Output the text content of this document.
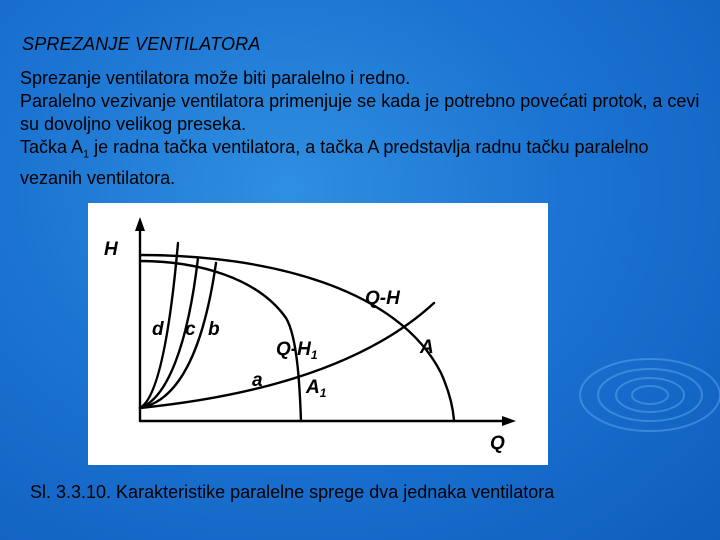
SPREZANJE VENTILATORA

Sprezanje ventilatora može biti paralelno i redno.

Paralelno vezivanje ventilatora primenjuje se kada je potrebno povećati protok, a cevi su dovoljno velikog preseka.

Tačka $A_1$ je radna tačka ventilatora, a tačka A predstavlja radnu tačku paralelno vezanih ventilatora.

H
Q
Q-H
$Q-H_1$	A
$A_1$
a
b
c
d
Sl. 3.3.10. Karakteristike paralelne sprege dva jednaka ventilatora
